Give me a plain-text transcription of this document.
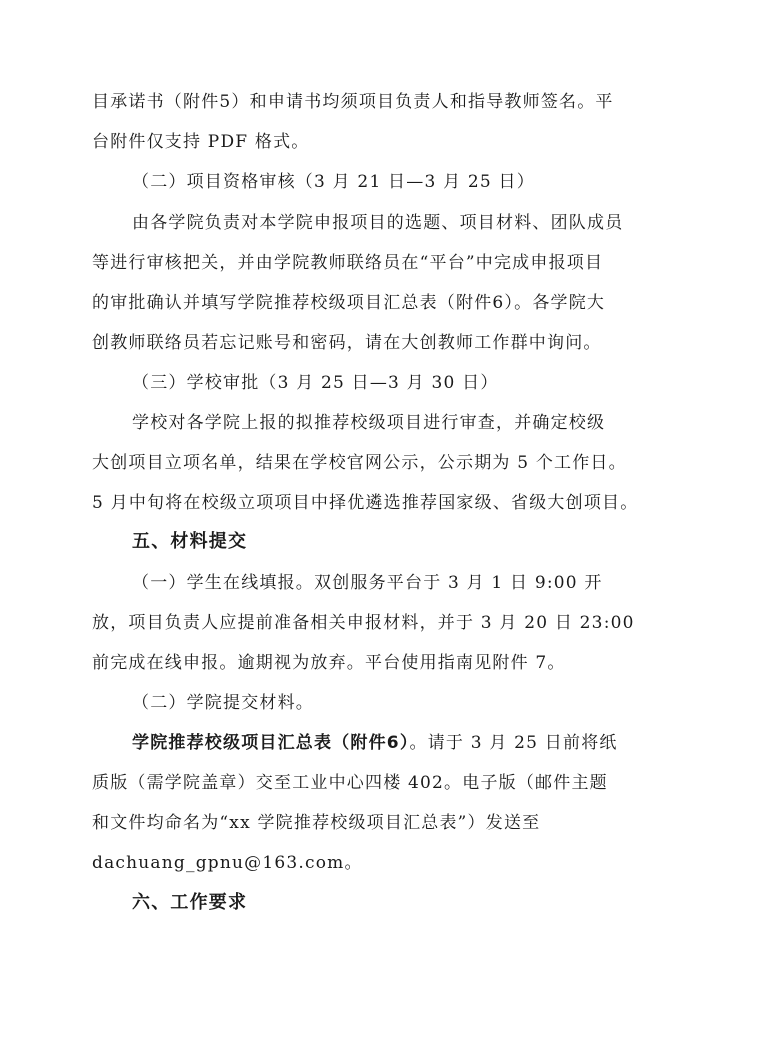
目承诺书（附件5）和申请书均须项目负责人和指导教师签名。平
台附件仅支持 PDF 格式。
（二）项目资格审核（3 月 21 日—3 月 25 日）
由各学院负责对本学院申报项目的选题、项目材料、团队成员
等进行审核把关，并由学院教师联络员在“平台”中完成申报项目
的审批确认并填写学院推荐校级项目汇总表（附件6）。各学院大
创教师联络员若忘记账号和密码，请在大创教师工作群中询问。
（三）学校审批（3 月 25 日—3 月 30 日）
学校对各学院上报的拟推荐校级项目进行审查，并确定校级
大创项目立项名单，结果在学校官网公示，公示期为 5 个工作日。
5 月中旬将在校级立项项目中择优遴选推荐国家级、省级大创项目。
五、材料提交
（一）学生在线填报。双创服务平台于 3 月 1 日 9:00 开
放，项目负责人应提前准备相关申报材料，并于 3 月 20 日 23:00
前完成在线申报。逾期视为放弃。平台使用指南见附件 7。
（二）学院提交材料。
学院推荐校级项目汇总表（附件6）。请于 3 月 25 日前将纸
质版（需学院盖章）交至工业中心四楼 402。电子版（邮件主题
和文件均命名为“xx 学院推荐校级项目汇总表”）发送至
dachuang_gpnu@163.com。
六、工作要求
